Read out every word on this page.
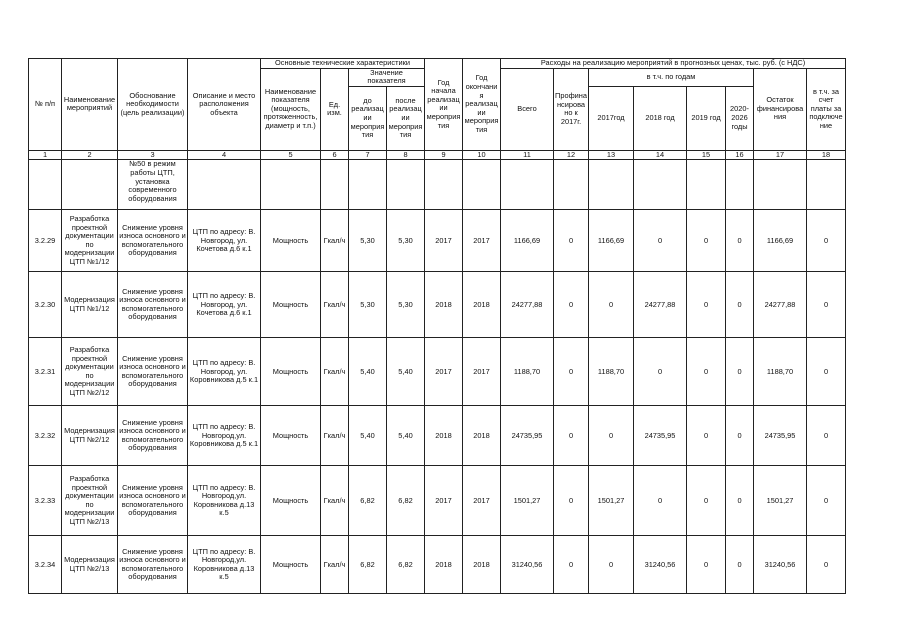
№ п/п	Наименование мероприятий	Обоснование необходимости (цель реализации)	Описание и место расположения объекта	Основные технические характеристики				Год начала реализации мероприятия	Год окончания реализации мероприятия	Расходы на реализацию мероприятий в прогнозных ценах, тыс. руб. (с НДС)							
				Наименование показателя (мощность, протяженность, диаметр и т.п.)	Ед. изм.	Значение показателя				Всего	Профинансировано к 2017г.	в т.ч. по годам				Остаток финансирования	в т.ч. за счет платы за подключение
						до реализации мероприятия	после реализации мероприятия					2017год	2018 год	2019 год	2020-2026 годы		
1	2	3	4	5	6	7	8	9	10	11	12	13	14	15	16	17	18
		№50 в режим работы ЦТП, установка современного оборудования															
3.2.29	Разработка проектной документации по модернизации ЦТП №1/12	Снижение уровня износа основного и вспомогательного оборудования	ЦТП по адресу: В. Новгород, ул. Кочетова д.6 к.1	Мощность	Гкал/ч	5,30	5,30	2017	2017	1166,69	0	1166,69	0	0	0	1166,69	0
3.2.30	Модернизация ЦТП №1/12	Снижение уровня износа основного и вспомогательного оборудования	ЦТП по адресу: В. Новгород, ул. Кочетова д.6 к.1	Мощность	Гкал/ч	5,30	5,30	2018	2018	24277,88	0	0	24277,88	0	0	24277,88	0
3.2.31	Разработка проектной документации по модернизации ЦТП №2/12	Снижение уровня износа основного и вспомогательного оборудования	ЦТП по адресу: В. Новгород, ул. Коровникова д.5 к.1	Мощность	Гкал/ч	5,40	5,40	2017	2017	1188,70	0	1188,70	0	0	0	1188,70	0
3.2.32	Модернизация ЦТП №2/12	Снижение уровня износа основного и вспомогательного оборудования	ЦТП по адресу: В. Новгород,ул. Коровникова д.5 к.1	Мощность	Гкал/ч	5,40	5,40	2018	2018	24735,95	0	0	24735,95	0	0	24735,95	0
3.2.33	Разработка проектной документации по модернизации ЦТП №2/13	Снижение уровня износа основного и вспомогательного оборудования	ЦТП по адресу: В. Новгород,ул. Коровникова д.13 к.5	Мощность	Гкал/ч	6,82	6,82	2017	2017	1501,27	0	1501,27	0	0	0	1501,27	0
3.2.34	Модернизация ЦТП №2/13	Снижение уровня износа основного и вспомогательного оборудования	ЦТП по адресу: В. Новгород,ул. Коровникова д.13 к.5	Мощность	Гкал/ч	6,82	6,82	2018	2018	31240,56	0	0	31240,56	0	0	31240,56	0
